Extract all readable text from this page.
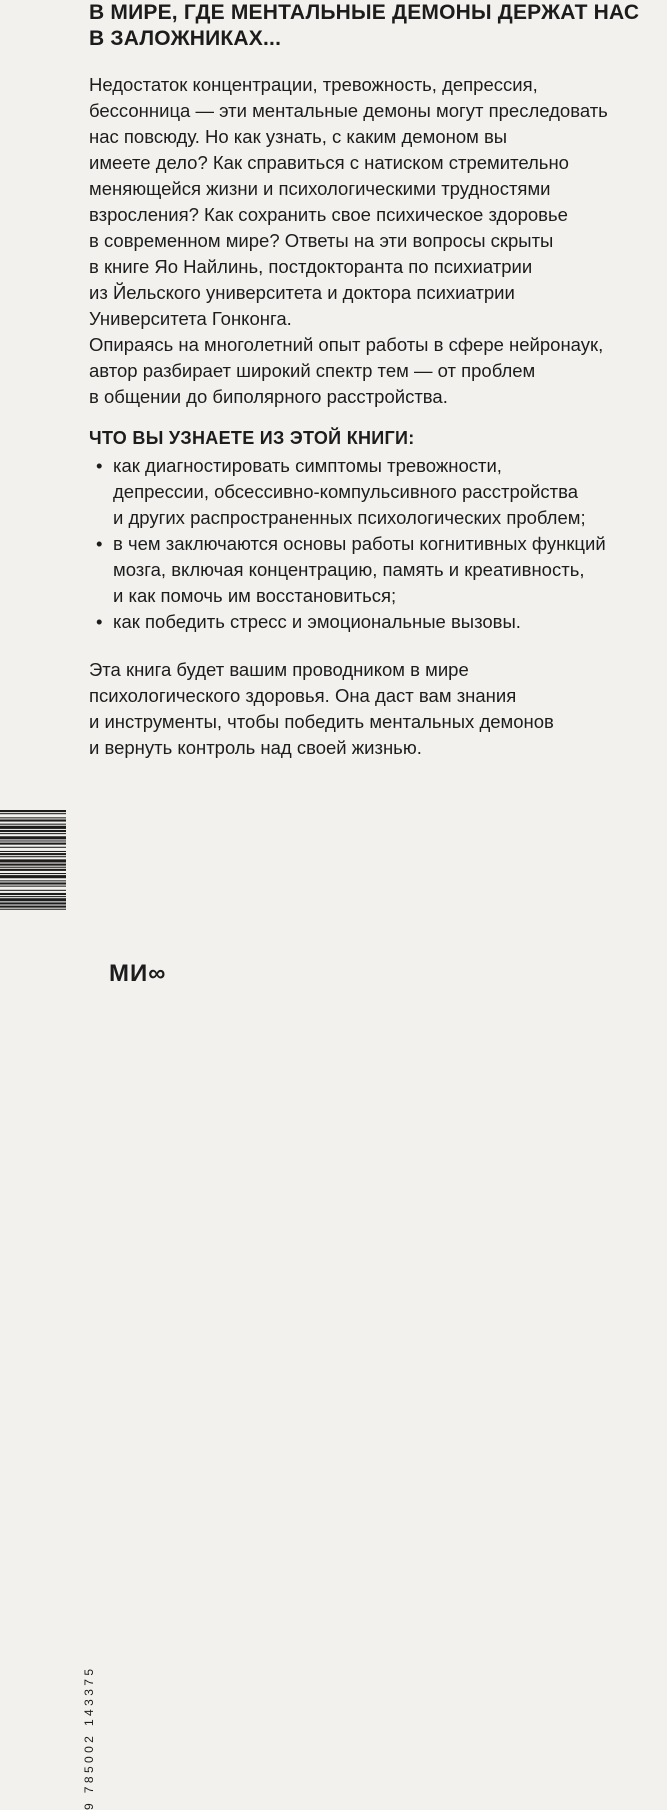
В МИРЕ, ГДЕ МЕНТАЛЬНЫЕ ДЕМОНЫ ДЕРЖАТ НАС
В ЗАЛОЖНИКАХ...
Недостаток концентрации, тревожность, депрессия,
бессонница — эти ментальные демоны могут преследовать
нас повсюду. Но как узнать, с каким демоном вы
имеете дело? Как справиться с натиском стремительно
меняющейся жизни и психологическими трудностями
взросления? Как сохранить свое психическое здоровье
в современном мире? Ответы на эти вопросы скрыты
в книге Яо Найлинь, постдокторанта по психиатрии
из Йельского университета и доктора психиатрии
Университета Гонконга.
Опираясь на многолетний опыт работы в сфере нейронаук,
автор разбирает широкий спектр тем — от проблем
в общении до биполярного расстройства.
ЧТО ВЫ УЗНАЕТЕ ИЗ ЭТОЙ КНИГИ:
• как диагностировать симптомы тревожности,
депрессии, обсессивно-компульсивного расстройства
и других распространенных психологических проблем;
• в чем заключаются основы работы когнитивных функций
мозга, включая концентрацию, память и креативность,
и как помочь им восстановиться;
• как победить стресс и эмоциональные вызовы.
Эта книга будет вашим проводником в мире
психологического здоровья. Она даст вам знания
и инструменты, чтобы победить ментальных демонов
и вернуть контроль над своей жизнью.
9 785002 143375
МИ∞
